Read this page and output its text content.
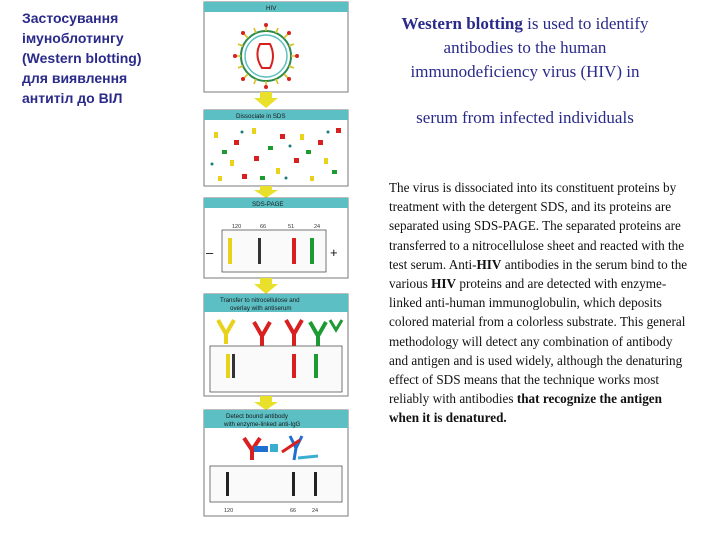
Застосування
імуноблотингу
(Western blotting)
для виявлення
антитіл до ВІЛ
Western blotting is used to identify antibodies to the human immunodeficiency virus (HIV) in
serum from infected individuals
The virus is dissociated into its constituent proteins by treatment with the detergent SDS, and its proteins are separated using SDS-PAGE. The separated proteins are transferred to a nitrocellulose sheet and reacted with the test serum. Anti-HIV antibodies in the serum bind to the various HIV proteins and are detected with enzyme-linked anti-human immunoglobulin, which deposits colored material from a colorless substrate. This general methodology will detect any combination of antibody and antigen and is used widely, although the denaturing effect of SDS means that the technique works most reliably with antibodies that recognize the antigen when it is denatured.
HIV
Dissociate in SDS
SDS-PAGE
120	66	51	24
–	+
Transfer to nitrocellulose and
overlay with antiserum
Detect bound antibody
with enzyme-linked anti-IgG
120	66	24
